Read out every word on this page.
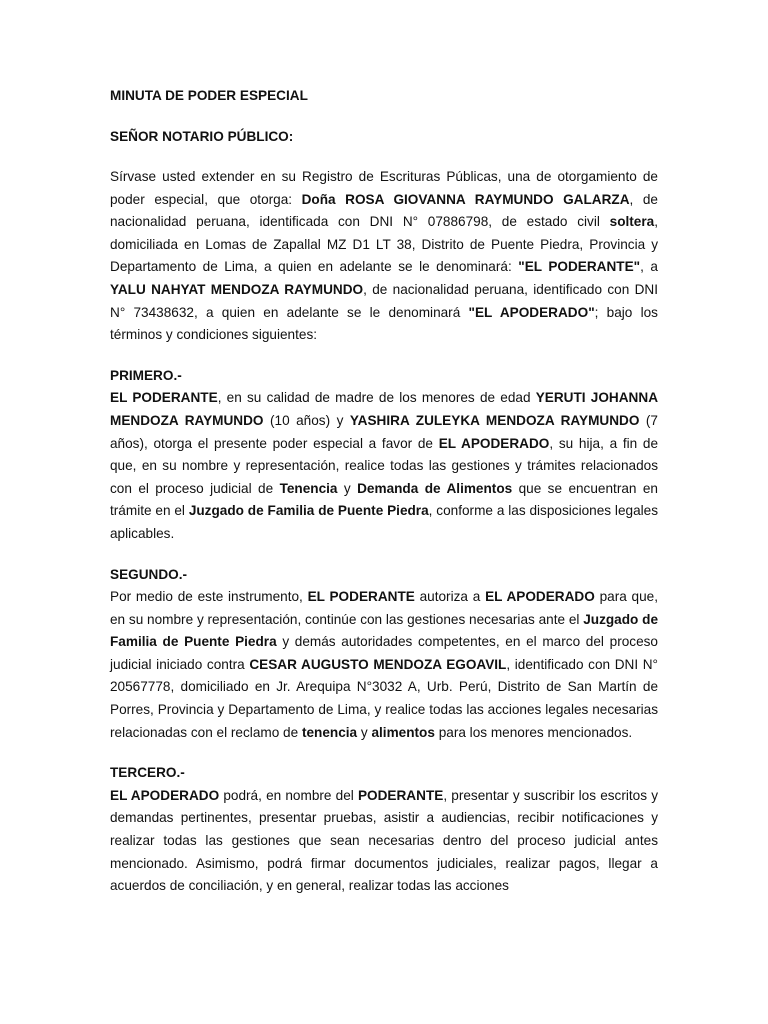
MINUTA DE PODER ESPECIAL

SEÑOR NOTARIO PÚBLICO:

Sírvase usted extender en su Registro de Escrituras Públicas, una de otorgamiento de poder especial, que otorga: Doña ROSA GIOVANNA RAYMUNDO GALARZA, de nacionalidad peruana, identificada con DNI N° 07886798, de estado civil soltera, domiciliada en Lomas de Zapallal MZ D1 LT 38, Distrito de Puente Piedra, Provincia y Departamento de Lima, a quien en adelante se le denominará: "EL PODERANTE", a YALU NAHYAT MENDOZA RAYMUNDO, de nacionalidad peruana, identificado con DNI N° 73438632, a quien en adelante se le denominará "EL APODERADO"; bajo los términos y condiciones siguientes:

PRIMERO.-

EL PODERANTE, en su calidad de madre de los menores de edad YERUTI JOHANNA MENDOZA RAYMUNDO (10 años) y YASHIRA ZULEYKA MENDOZA RAYMUNDO (7 años), otorga el presente poder especial a favor de EL APODERADO, su hija, a fin de que, en su nombre y representación, realice todas las gestiones y trámites relacionados con el proceso judicial de Tenencia y Demanda de Alimentos que se encuentran en trámite en el Juzgado de Familia de Puente Piedra, conforme a las disposiciones legales aplicables.

SEGUNDO.-

Por medio de este instrumento, EL PODERANTE autoriza a EL APODERADO para que, en su nombre y representación, continúe con las gestiones necesarias ante el Juzgado de Familia de Puente Piedra y demás autoridades competentes, en el marco del proceso judicial iniciado contra CESAR AUGUSTO MENDOZA EGOAVIL, identificado con DNI N° 20567778, domiciliado en Jr. Arequipa N°3032 A, Urb. Perú, Distrito de San Martín de Porres, Provincia y Departamento de Lima, y realice todas las acciones legales necesarias relacionadas con el reclamo de tenencia y alimentos para los menores mencionados.

TERCERO.-

EL APODERADO podrá, en nombre del PODERANTE, presentar y suscribir los escritos y demandas pertinentes, presentar pruebas, asistir a audiencias, recibir notificaciones y realizar todas las gestiones que sean necesarias dentro del proceso judicial antes mencionado. Asimismo, podrá firmar documentos judiciales, realizar pagos, llegar a acuerdos de conciliación, y en general, realizar todas las acciones
